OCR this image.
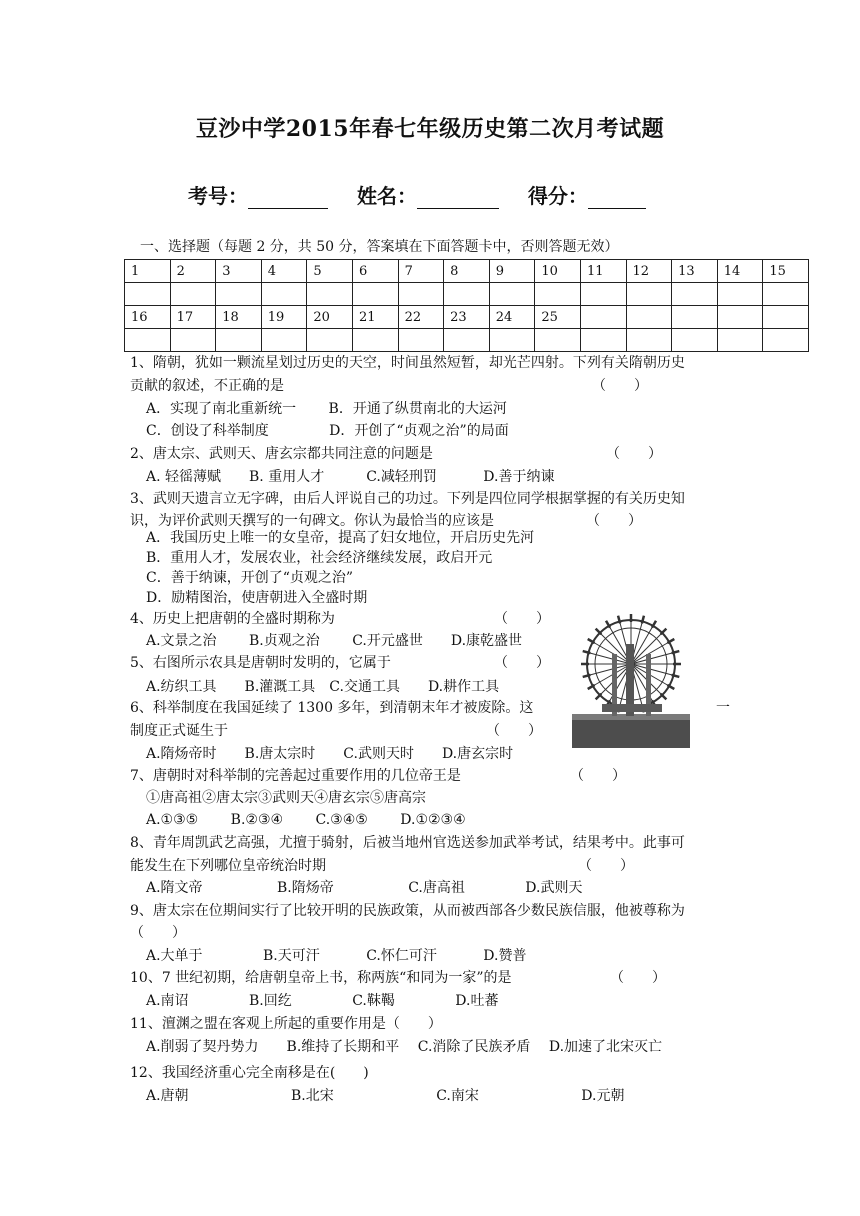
豆沙中学2015年春七年级历史第二次月考试题
考号：	姓名：	得分：
一、选择题（每题 2 分，共 50 分，答案填在下面答题卡中，否则答题无效）
1	2	3	4	5	6	7	8	9	10	11	12	13	14	15

16	17	18	19	20	21	22	23	24	25					

1、隋朝，犹如一颗流星划过历史的天空，时间虽然短暂，却光芒四射。下列有关隋朝历史
贡献的叙述，不正确的是	（　　）
A．实现了南北重新统一　　 B．开通了纵贯南北的大运河
C．创设了科举制度　　　　 D．开创了“贞观之治”的局面
2、唐太宗、武则天、唐玄宗都共同注意的问题是	（　　）
A. 轻徭薄赋　　B. 重用人才　　　C.减轻刑罚　　　 D.善于纳谏
3、武则天遗言立无字碑，由后人评说自己的功过。下列是四位同学根据掌握的有关历史知
识，为评价武则天撰写的一句碑文。你认为最恰当的应该是	（　　）
A．我国历史上唯一的女皇帝，提高了妇女地位，开启历史先河
B．重用人才，发展农业，社会经济继续发展，政启开元
C．善于纳谏，开创了“贞观之治”
D．励精图治，使唐朝进入全盛时期
4、历史上把唐朝的全盛时期称为	（　　）
A.文景之治　　 B.贞观之治　　 C.开元盛世　　D.康乾盛世
5、右图所示农具是唐朝时发明的，它属于	（　　）
A.纺织工具　　B.灌溉工具　C.交通工具　　D.耕作工具
6、科举制度在我国延续了 1300 多年，到清朝末年才被废除。这	一
制度正式诞生于	（　　）
A.隋炀帝时　　B.唐太宗时　　C.武则天时　　D.唐玄宗时
7、唐朝时对科举制的完善起过重要作用的几位帝王是	（　　）
①唐高祖②唐太宗③武则天④唐玄宗⑤唐高宗
A.①③⑤　　 B.②③④　　 C.③④⑤　　 D.①②③④
8、青年周凯武艺高强，尤擅于骑射，后被当地州官选送参加武举考试，结果考中。此事可
能发生在下列哪位皇帝统治时期	（　　）
A.隋文帝　　　　　 B.隋炀帝　　　　　 C.唐高祖　　　　 D.武则天
9、唐太宗在位期间实行了比较开明的民族政策，从而被西部各少数民族信服，他被尊称为
（　　）
A.大单于　　　　 B.天可汗　　　 C.怀仁可汗　　　 D.赞普
10、7 世纪初期，给唐朝皇帝上书，称两族“和同为一家”的是	（　　）
A.南诏　　　　 B.回纥　　　　 C.靺鞨　　　　 D.吐蕃
11、澶渊之盟在客观上所起的重要作用是（　　）
A.削弱了契丹势力　　B.维持了长期和平　 C.消除了民族矛盾　 D.加速了北宋灭亡
12、我国经济重心完全南移是在(　　)
A.唐朝　　　　　　　 B.北宋　　　　　　　 C.南宋　　　　　　　 D.元朝
